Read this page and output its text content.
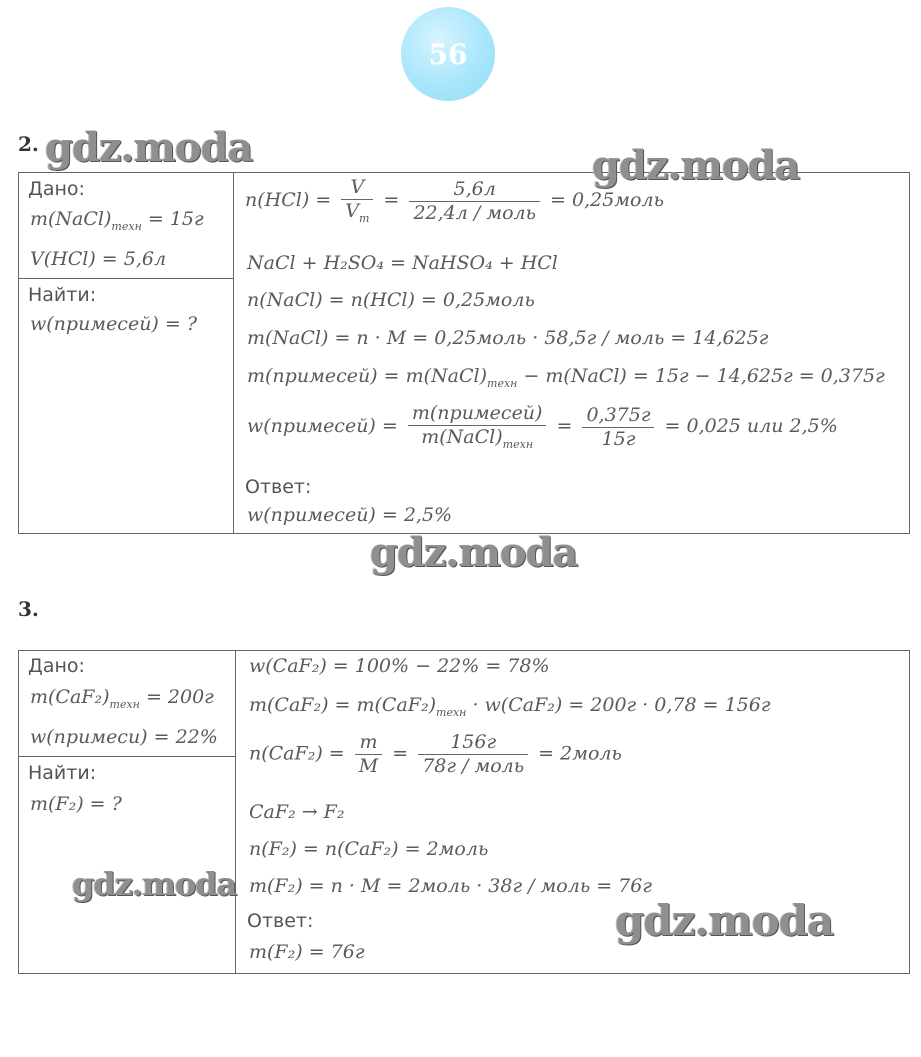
56
2.
Дано:
$m(NaCl)_{техн} = 15г$
V(HCl) = 5,6л
Найти:
w(примесей) = ?
$n(HCl) = \frac{V}{V_m} = \frac{5,6л}{\text{22,4л / моль}}$ = 0,25моль
NaCl + H₂SO₄ = NaHSO₄ + HCl
n(NaCl) = n(HCl) = 0,25моль
m(NaCl) = n · M = 0,25моль · 58,5г / моль = 14,625г
m(примесей) = $m(NaCl)_{техн}$ − m(NaCl) = 15г − 14,625г = 0,375г
w(примесей) = $\frac{\text{m(примесей)}}{m(NaCl)_{техн}} = \frac{0,375г}{15г} = 0,025$ или 2,5%
Ответ:
w(примесей) = 2,5%
3.
Дано:
$m(CaF_2)_{техн} = 200г$
w(примеси) = 22%
Найти:
m(F₂) = ?
w(CaF₂) = 100% − 22% = 78%
$m(CaF_2) = m(CaF_2)_{техн} \cdot w(CaF_2) = 200г \cdot 0,78 = 156г$
$n(CaF_2) = \frac{m}{M} = \frac{156г}{\text{78г / моль}}$ = 2моль
CaF₂ → F₂
n(F₂) = n(CaF₂) = 2моль
m(F₂) = n · M = 2моль · 38г / моль = 76г
Ответ:
m(F₂) = 76г
gdz.moda	gdz.moda
gdz.moda
gdz.moda
gdz.moda
